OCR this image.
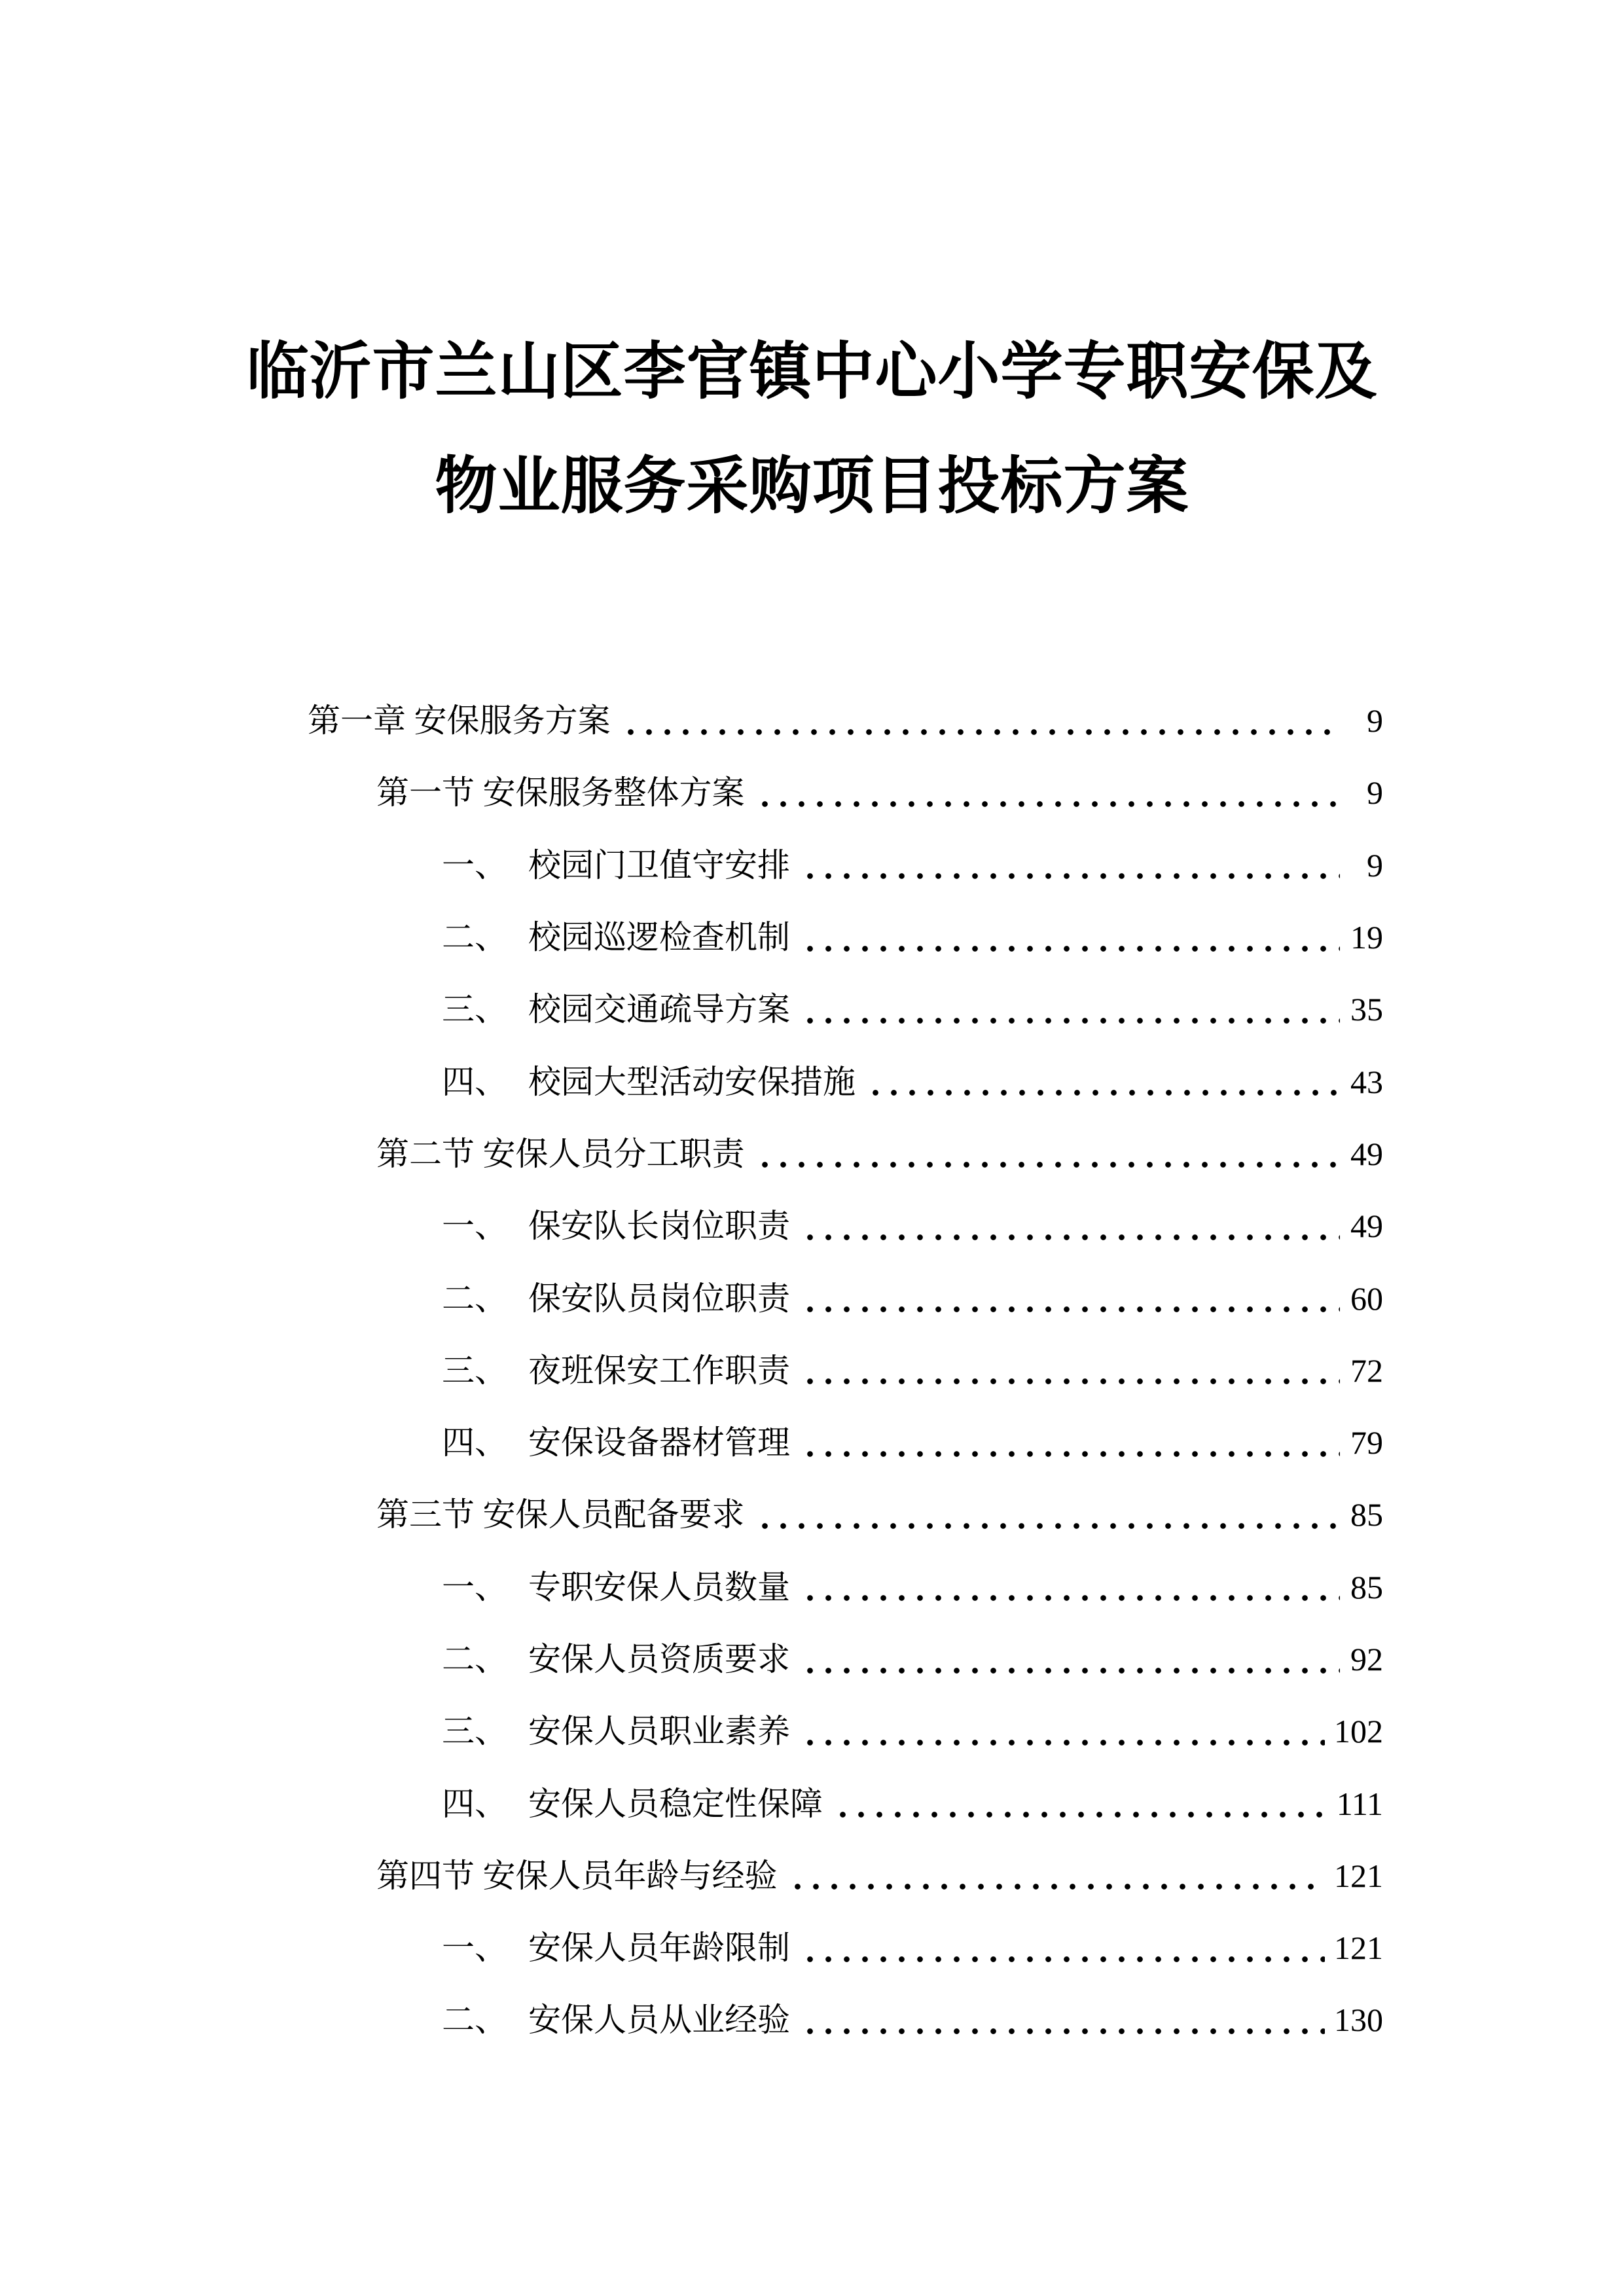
临沂市兰山区李官镇中心小学专职安保及
物业服务采购项目投标方案
第一章 安保服务方案	9
第一节 安保服务整体方案	9
一、 校园门卫值守安排	9
二、 校园巡逻检查机制	19
三、 校园交通疏导方案	35
四、 校园大型活动安保措施	43
第二节 安保人员分工职责	49
一、 保安队长岗位职责	49
二、 保安队员岗位职责	60
三、 夜班保安工作职责	72
四、 安保设备器材管理	79
第三节 安保人员配备要求	85
一、 专职安保人员数量	85
二、 安保人员资质要求	92
三、 安保人员职业素养	102
四、 安保人员稳定性保障	111
第四节 安保人员年龄与经验	121
一、 安保人员年龄限制	121
二、 安保人员从业经验	130
